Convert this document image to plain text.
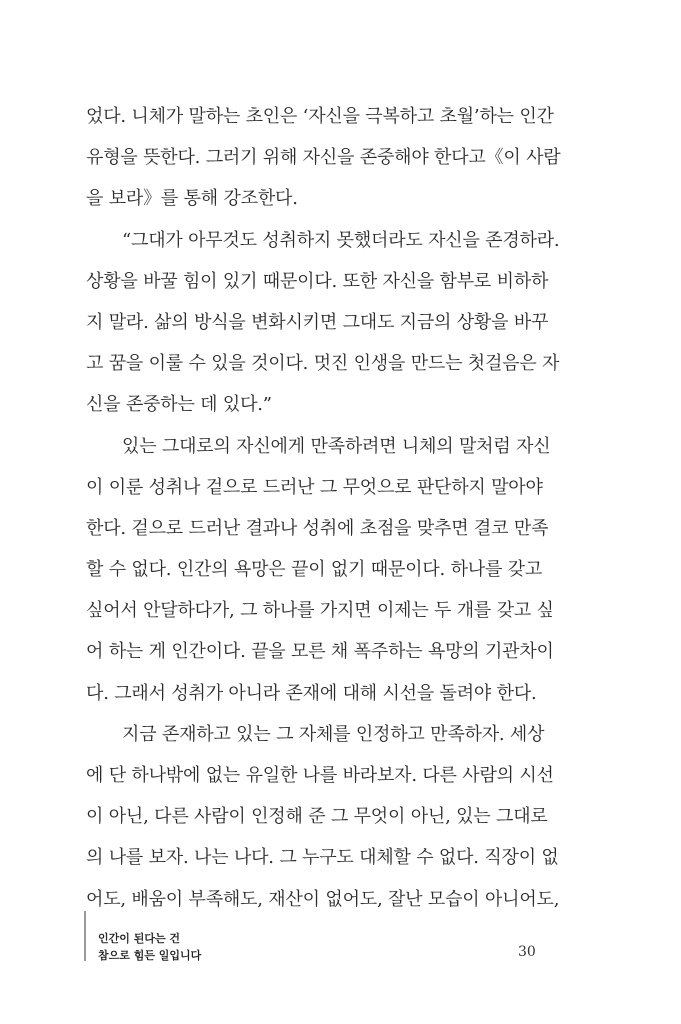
었다. 니체가 말하는 초인은 ‘자신을 극복하고 초월’하는 인간
유형을 뜻한다. 그러기 위해 자신을 존중해야 한다고《이 사람
을 보라》를 통해 강조한다.
“그대가 아무것도 성취하지 못했더라도 자신을 존경하라.
상황을 바꿀 힘이 있기 때문이다. 또한 자신을 함부로 비하하
지 말라. 삶의 방식을 변화시키면 그대도 지금의 상황을 바꾸
고 꿈을 이룰 수 있을 것이다. 멋진 인생을 만드는 첫걸음은 자
신을 존중하는 데 있다.”
있는 그대로의 자신에게 만족하려면 니체의 말처럼 자신
이 이룬 성취나 겉으로 드러난 그 무엇으로 판단하지 말아야
한다. 겉으로 드러난 결과나 성취에 초점을 맞추면 결코 만족
할 수 없다. 인간의 욕망은 끝이 없기 때문이다. 하나를 갖고
싶어서 안달하다가, 그 하나를 가지면 이제는 두 개를 갖고 싶
어 하는 게 인간이다. 끝을 모른 채 폭주하는 욕망의 기관차이
다. 그래서 성취가 아니라 존재에 대해 시선을 돌려야 한다.
지금 존재하고 있는 그 자체를 인정하고 만족하자. 세상
에 단 하나밖에 없는 유일한 나를 바라보자. 다른 사람의 시선
이 아닌, 다른 사람이 인정해 준 그 무엇이 아닌, 있는 그대로
의 나를 보자. 나는 나다. 그 누구도 대체할 수 없다. 직장이 없
어도, 배움이 부족해도, 재산이 없어도, 잘난 모습이 아니어도,
인간이 된다는 건
참으로 힘든 일입니다	30
